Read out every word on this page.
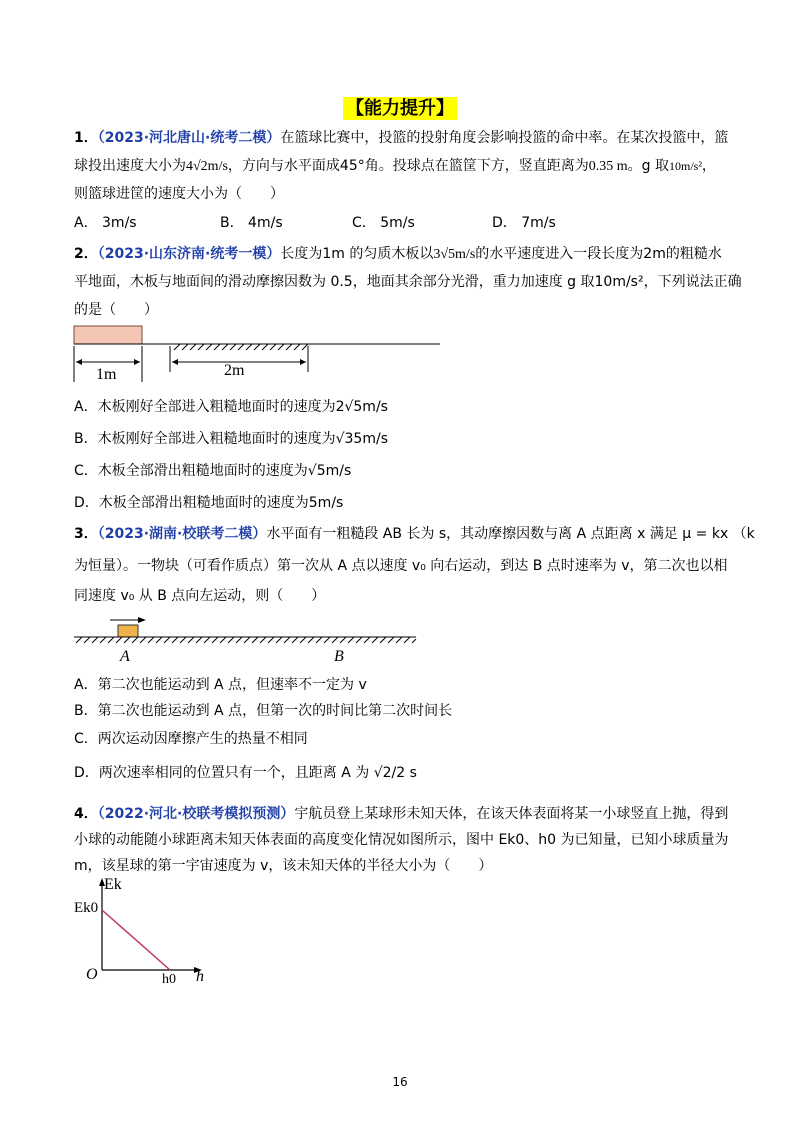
【能力提升】
1．（2023·河北唐山·统考二模）在篮球比赛中，投篮的投射角度会影响投篮的命中率。在某次投篮中，篮
球投出速度大小为4√2m/s，方向与水平面成45°角。投球点在篮筐下方，竖直距离为0.35 m。g 取10m/s²，
则篮球进筐的速度大小为（　　）
A． 3m/s	B． 4m/s	C． 5m/s	D． 7m/s
2．（2023·山东济南·统考一模）长度为1m 的匀质木板以3√5m/s的水平速度进入一段长度为2m的粗糙水
平地面，木板与地面间的滑动摩擦因数为 0.5，地面其余部分光滑，重力加速度 g 取10m/s²，下列说法正确
的是（　　）
1m	2m
A．木板刚好全部进入粗糙地面时的速度为2√5m/s
B．木板刚好全部进入粗糙地面时的速度为√35m/s
C．木板全部滑出粗糙地面时的速度为√5m/s
D．木板全部滑出粗糙地面时的速度为5m/s
3．（2023·湖南·校联考二模）水平面有一粗糙段 AB 长为 s，其动摩擦因数与离 A 点距离 x 满足 μ = kx （k
为恒量）。一物块（可看作质点）第一次从 A 点以速度 v₀ 向右运动，到达 B 点时速率为 v，第二次也以相
同速度 v₀ 从 B 点向左运动，则（　　）
A	B
A．第二次也能运动到 A 点，但速率不一定为 v
B．第二次也能运动到 A 点，但第一次的时间比第二次时间长
C．两次运动因摩擦产生的热量不相同
D．两次速率相同的位置只有一个，且距离 A 为 √2/2 s
4．（2022·河北·校联考模拟预测）宇航员登上某球形未知天体，在该天体表面将某一小球竖直上抛，得到
小球的动能随小球距离未知天体表面的高度变化情况如图所示，图中 Ek0、h0 为已知量，已知小球质量为
m，该星球的第一宇宙速度为 v，该未知天体的半径大小为（　　）
Ek
Ek0
O	h0 h
16
